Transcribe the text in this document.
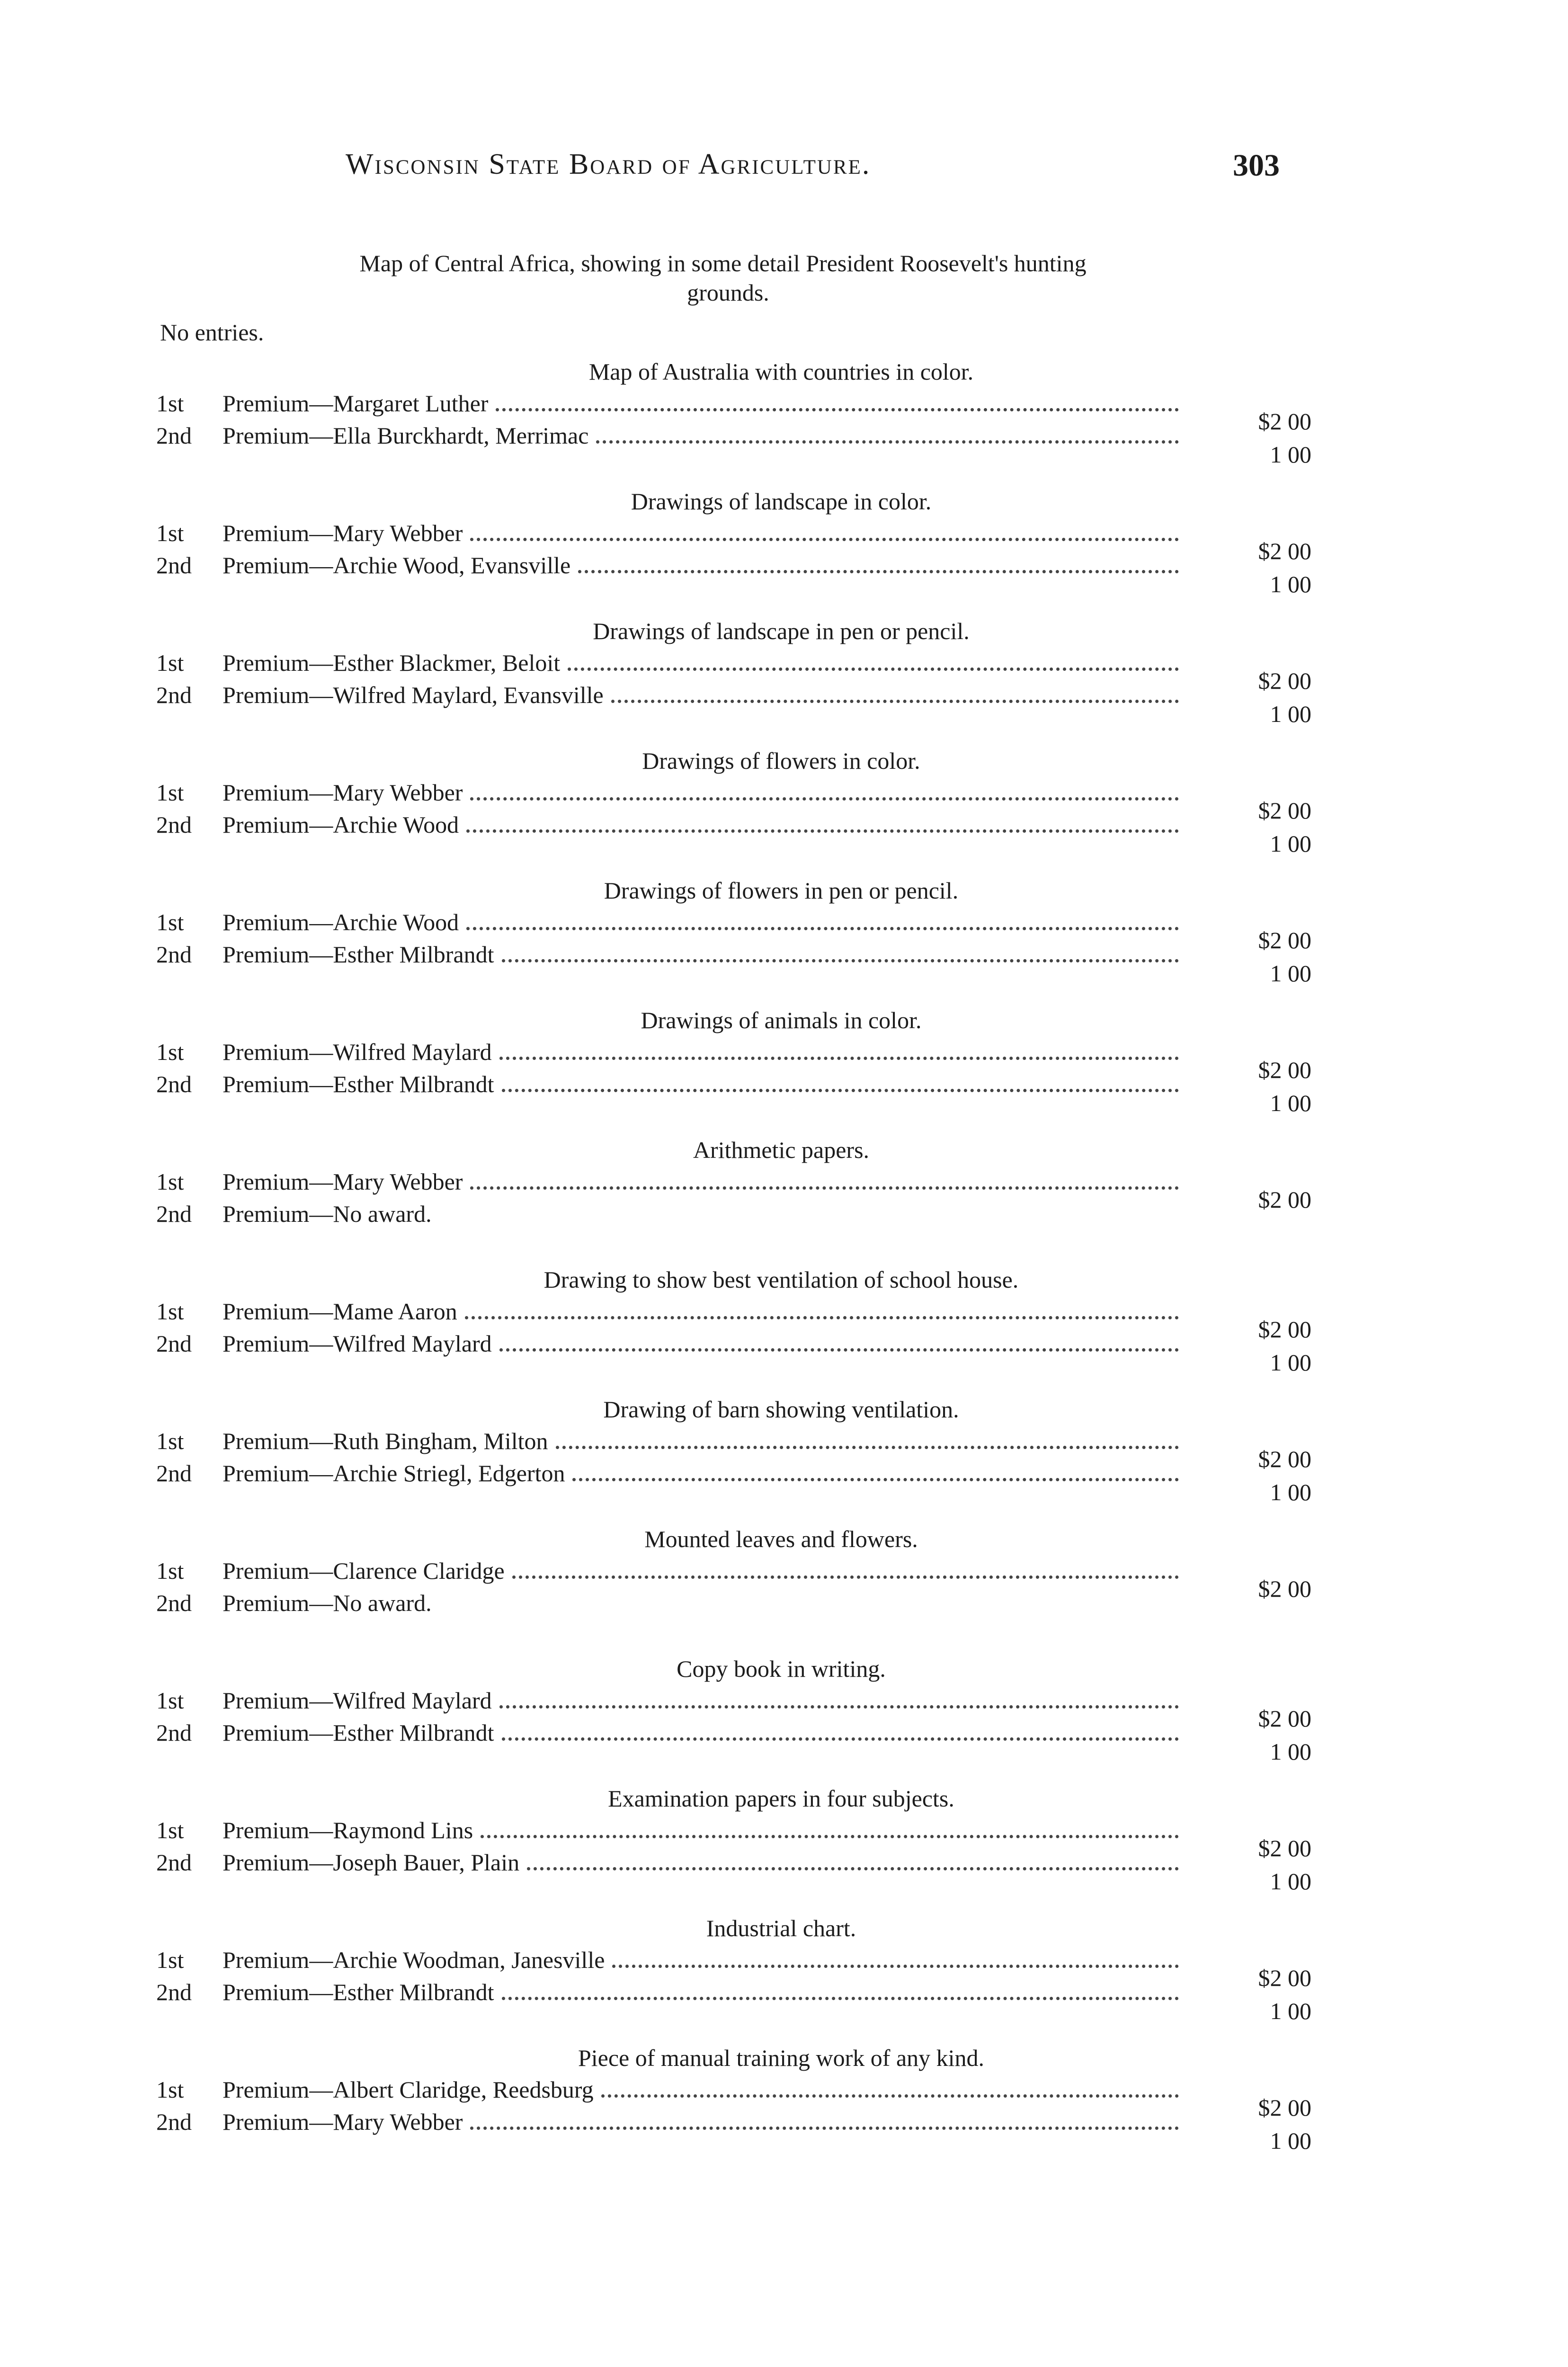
Wisconsin State Board of Agriculture.	303
Map of Central Africa, showing in some detail President Roosevelt's hunting
grounds.
No entries.
Map of Australia with countries in color.
1st Premium—Margaret Luther
2nd Premium—Ella Burckhardt, Merrimac
$2 00
1 00
Drawings of landscape in color.
1st Premium—Mary Webber
2nd Premium—Archie Wood, Evansville
$2 00
1 00
Drawings of landscape in pen or pencil.
1st Premium—Esther Blackmer, Beloit
2nd Premium—Wilfred Maylard, Evansville
$2 00
1 00
Drawings of flowers in color.
1st Premium—Mary Webber
2nd Premium—Archie Wood
$2 00
1 00
Drawings of flowers in pen or pencil.
1st Premium—Archie Wood
2nd Premium—Esther Milbrandt
$2 00
1 00
Drawings of animals in color.
1st Premium—Wilfred Maylard
2nd Premium—Esther Milbrandt
$2 00
1 00
Arithmetic papers.
1st Premium—Mary Webber
2nd Premium—No award.
$2 00
Drawing to show best ventilation of school house.
1st Premium—Mame Aaron
2nd Premium—Wilfred Maylard
$2 00
1 00
Drawing of barn showing ventilation.
1st Premium—Ruth Bingham, Milton
2nd Premium—Archie Striegl, Edgerton
$2 00
1 00
Mounted leaves and flowers.
1st Premium—Clarence Claridge
2nd Premium—No award.
$2 00
Copy book in writing.
1st Premium—Wilfred Maylard
2nd Premium—Esther Milbrandt
$2 00
1 00
Examination papers in four subjects.
1st Premium—Raymond Lins
2nd Premium—Joseph Bauer, Plain
$2 00
1 00
Industrial chart.
1st Premium—Archie Woodman, Janesville
2nd Premium—Esther Milbrandt
$2 00
1 00
Piece of manual training work of any kind.
1st Premium—Albert Claridge, Reedsburg
2nd Premium—Mary Webber
$2 00
1 00
